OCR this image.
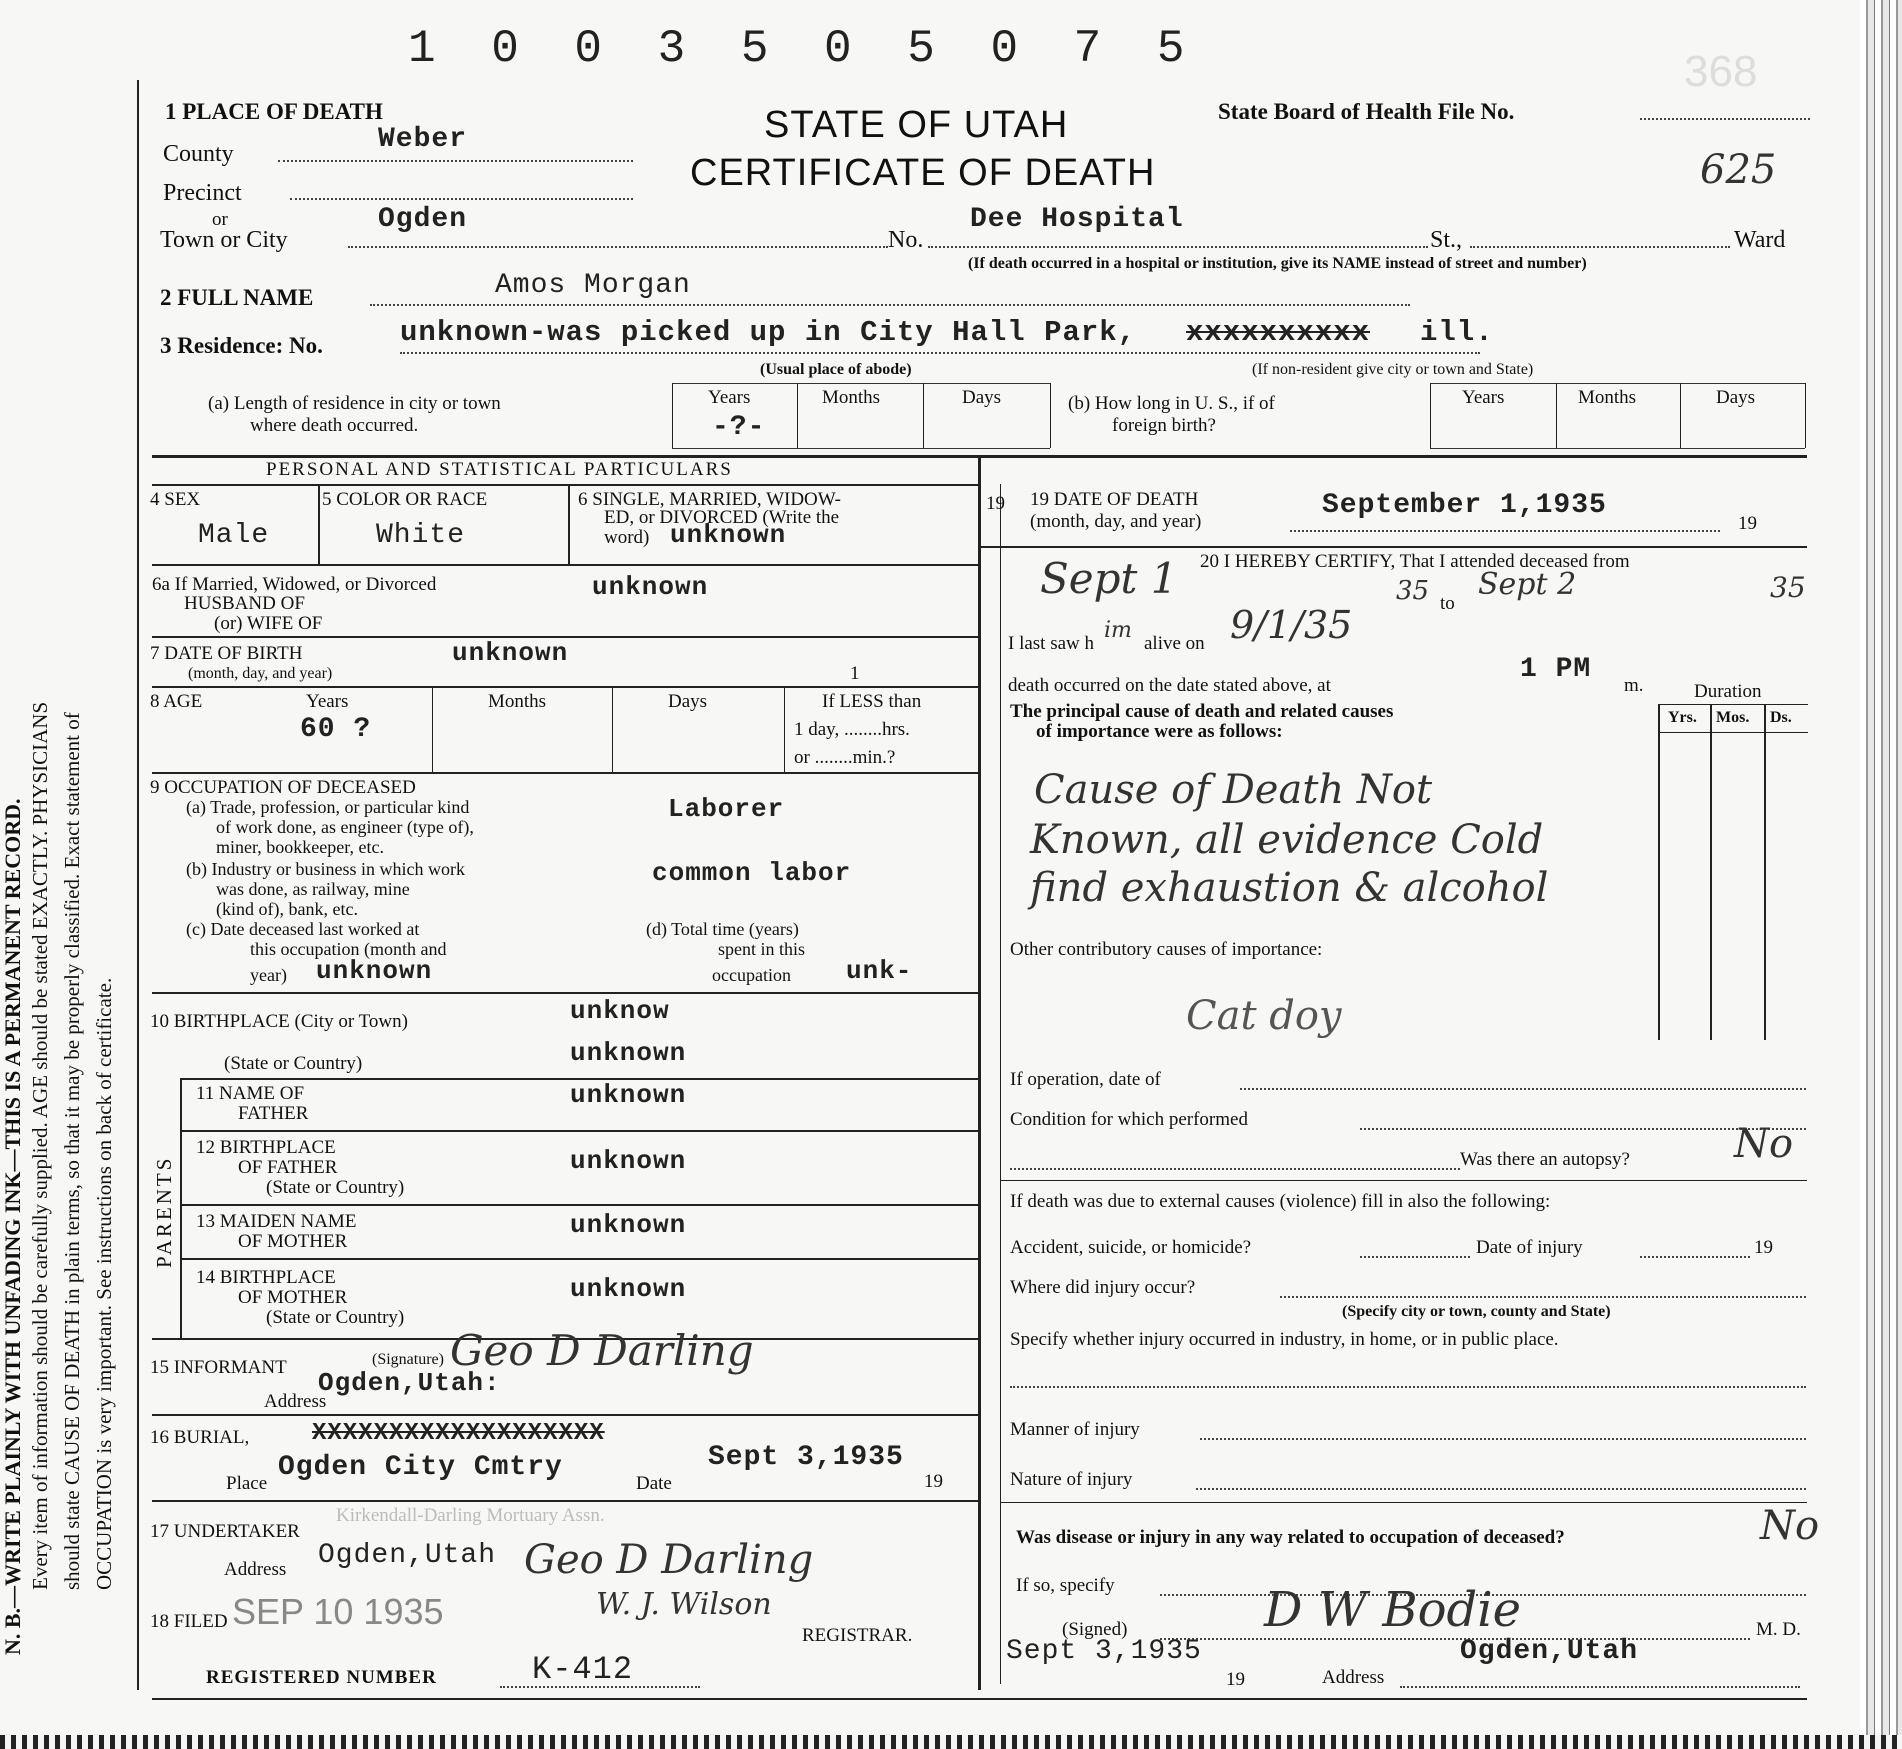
1 0 0 3 5 0 5 0 7 5	368
N. B.—WRITE PLAINLY WITH UNFADING INK—THIS IS A PERMANENT RECORD. Every item of information should be carefully supplied. AGE should be stated EXACTLY. PHYSICIANS should state CAUSE OF DEATH in plain terms, so that it may be properly classified. Exact statement of OCCUPATION is very important. See instructions on back of certificate.
1 PLACE OF DEATH
County	Weber
Precinct
or
Town or City
Ogden
STATE OF UTAH
CERTIFICATE OF DEATH
State Board of Health File No.
625
No.
Dee Hospital
St.,	Ward
(If death occurred in a hospital or institution, give its NAME instead of street and number)
2 FULL NAME	Amos Morgan
3 Residence: No.	unknown-was picked up in City Hall Park, xxxxxxxxxx ill.
(Usual place of abode)	(If non-resident give city or town and State)
(a) Length of residence in city or town
where death occurred.
Years	Months	Days
-?-
(b) How long in U. S., if of
foreign birth?
Years	Months	Days
PERSONAL AND STATISTICAL PARTICULARS
4 SEX
Male
5 COLOR OR RACE
White
6 SINGLE, MARRIED, WIDOW-
ED, or DIVORCED (Write the
word) unknown
6a If Married, Widowed, or Divorced
HUSBAND OF
(or) WIFE OF
unknown
7 DATE OF BIRTH
(month, day, and year)
unknown
1
8 AGE	Years
60 ?
Months	Days	If LESS than
1 day, ........hrs.
or ........min.?
9 OCCUPATION OF DECEASED
(a) Trade, profession, or particular kind
of work done, as engineer (type of),
miner, bookkeeper, etc.
Laborer
(b) Industry or business in which work
was done, as railway, mine
(kind of), bank, etc.
common labor
(c) Date deceased last worked at
this occupation (month and
year) unknown
(d) Total time (years)
spent in this
occupation unk-
10 BIRTHPLACE (City or Town)	unknow
(State or Country)	unknown
PARENTS
11 NAME OF
FATHER
unknown
12 BIRTHPLACE
OF FATHER
(State or Country)
unknown
13 MAIDEN NAME
OF MOTHER
unknown
14 BIRTHPLACE
OF MOTHER
(State or Country)
unknown
15 INFORMANT	(Signature) Geo D Darling
Address
Ogden,Utah:
16 BURIAL,	XXXXXXXXXXXXXXXXXXX
Place
Ogden City Cmtry
Date
Sept 3,1935
19
17 UNDERTAKER
Kirkendall-Darling Mortuary Assn.
Address Ogden,Utah Geo D Darling
18 FILED SEP 10 1935	W. J. Wilson
REGISTRAR.
REGISTERED NUMBER	K-412
19 19 DATE OF DEATH
(month, day, and year)
September 1,1935
19
20 I HEREBY CERTIFY, That I attended deceased from
Sept 1	35 to
Sept 2	35
I last saw h
im
alive on 9/1/35
death occurred on the date stated above, at
1 PM
m.	Duration
Yrs. Mos. Ds.
The principal cause of death and related causes
of importance were as follows:
Cause of Death Not
Known, all evidence Cold
find exhaustion & alcohol
Other contributory causes of importance:
Cat doy
If operation, date of
Condition for which performed
Was there an autopsy?	No
If death was due to external causes (violence) fill in also the following:
Accident, suicide, or homicide?	Date of injury	19
Where did injury occur?
(Specify city or town, county and State)
Specify whether injury occurred in industry, in home, or in public place.
Manner of injury
Nature of injury
Was disease or injury in any way related to occupation of deceased?	No
If so, specify
(Signed)	D W Bodie	M. D.
Sept 3,1935
19	Address
Ogden,Utah
